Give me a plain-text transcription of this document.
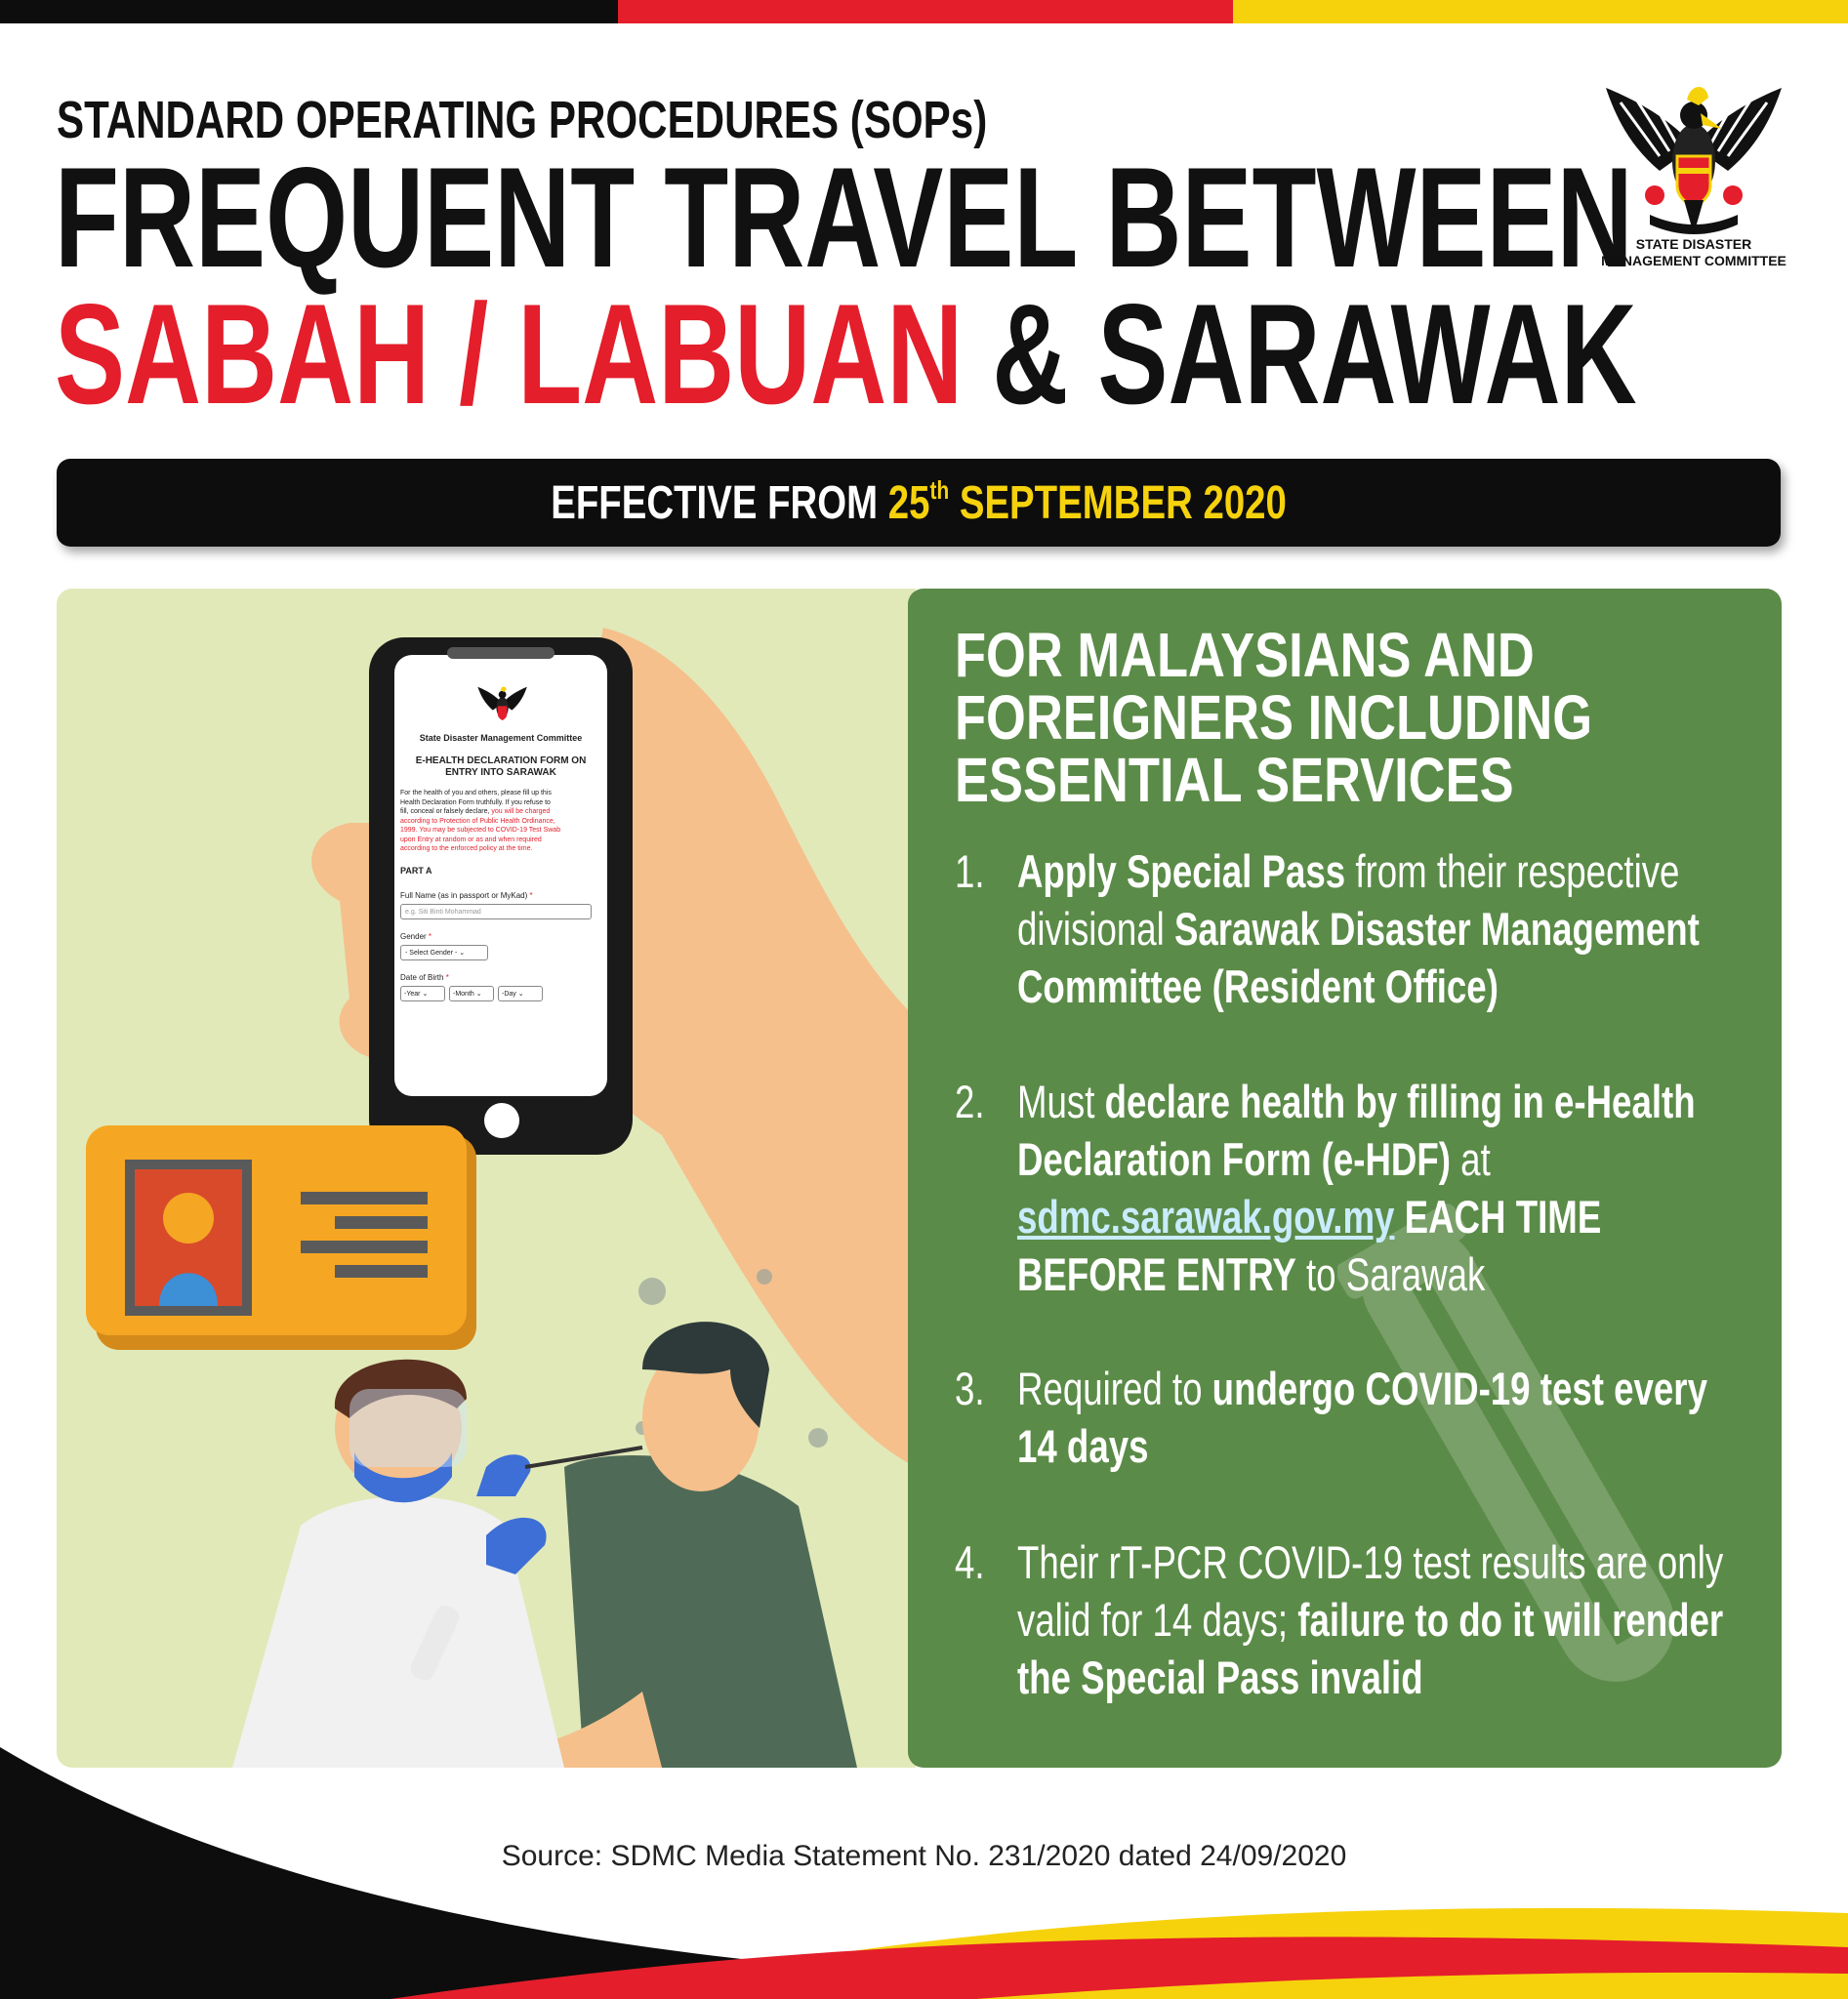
STANDARD OPERATING PROCEDURES (SOPs)
FREQUENT TRAVEL BETWEEN
SABAH / LABUAN & SARAWAK
STATE DISASTER
MANAGEMENT COMMITTEE
EFFECTIVE FROM 25th SEPTEMBER 2020
State Disaster Management Committee
E-HEALTH DECLARATION FORM ON
ENTRY INTO SARAWAK
For the health of you and others, please fill up this
Health Declaration Form truthfully. If you refuse to
fill, conceal or falsely declare, you will be charged
according to Protection of Public Health Ordinance,
1999. You may be subjected to COVID-19 Test Swab
upon Entry at random or as and when required
according to the enforced policy at the time.
PART A
Full Name (as in passport or MyKad) *
e.g. Siti Binti Mohammad
Gender *
- Select Gender - ⌄
Date of Birth *
-Year ⌄	-Month ⌄	-Day ⌄
FOR MALAYSIANS AND FOREIGNERS INCLUDING ESSENTIAL SERVICES
1. Apply Special Pass from their respective divisional Sarawak Disaster Management Committee (Resident Office)
2. Must declare health by filling in e-Health Declaration Form (e-HDF) at sdmc.sarawak.gov.my EACH TIME BEFORE ENTRY to Sarawak
3. Required to undergo COVID-19 test every 14 days
4. Their rT-PCR COVID-19 test results are only valid for 14 days; failure to do it will render the Special Pass invalid
Source: SDMC Media Statement No. 231/2020 dated 24/09/2020
